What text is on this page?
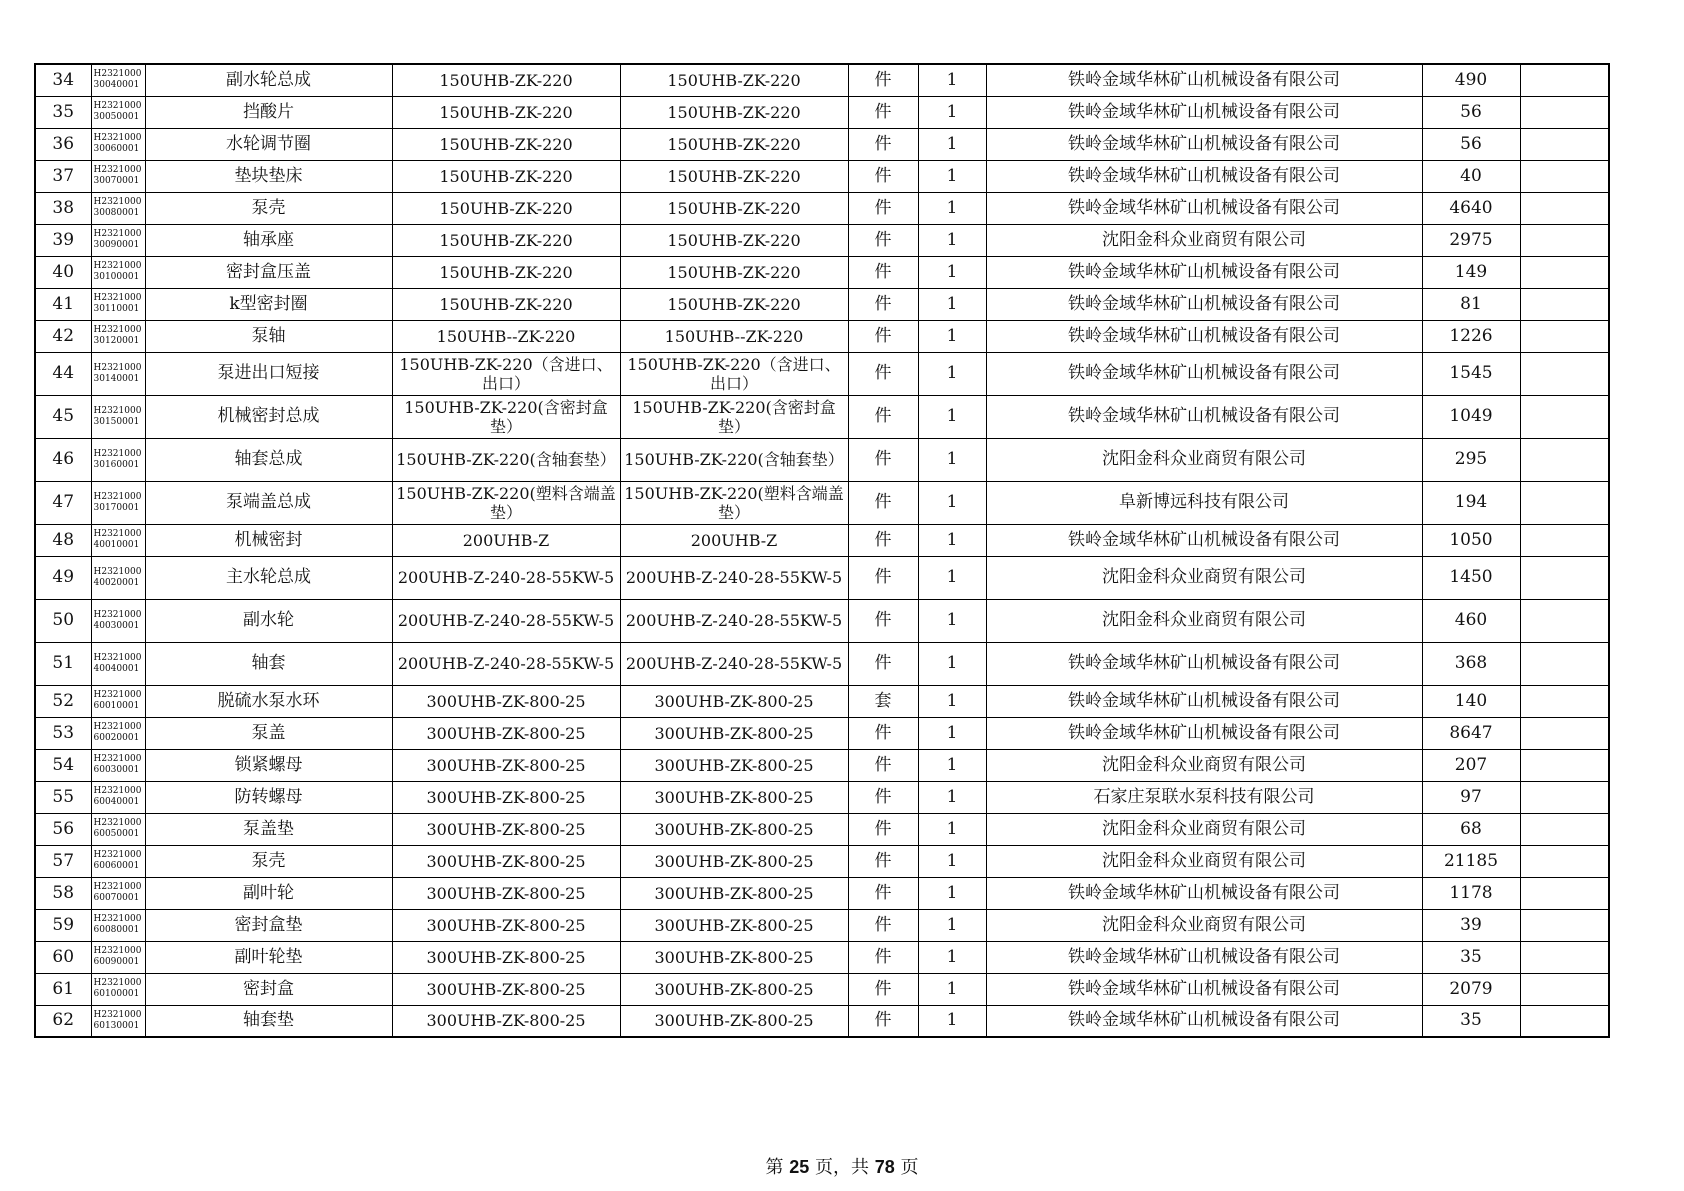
34	H2321000 30040001	副水轮总成	150UHB-ZK-220	150UHB-ZK-220	件	1	铁岭金域华林矿山机械设备有限公司	490	
35	H2321000 30050001	挡酸片	150UHB-ZK-220	150UHB-ZK-220	件	1	铁岭金域华林矿山机械设备有限公司	56	
36	H2321000 30060001	水轮调节圈	150UHB-ZK-220	150UHB-ZK-220	件	1	铁岭金域华林矿山机械设备有限公司	56	
37	H2321000 30070001	垫块垫床	150UHB-ZK-220	150UHB-ZK-220	件	1	铁岭金域华林矿山机械设备有限公司	40	
38	H2321000 30080001	泵壳	150UHB-ZK-220	150UHB-ZK-220	件	1	铁岭金域华林矿山机械设备有限公司	4640	
39	H2321000 30090001	轴承座	150UHB-ZK-220	150UHB-ZK-220	件	1	沈阳金科众业商贸有限公司	2975	
40	H2321000 30100001	密封盒压盖	150UHB-ZK-220	150UHB-ZK-220	件	1	铁岭金域华林矿山机械设备有限公司	149	
41	H2321000 30110001	k型密封圈	150UHB-ZK-220	150UHB-ZK-220	件	1	铁岭金域华林矿山机械设备有限公司	81	
42	H2321000 30120001	泵轴	150UHB--ZK-220	150UHB--ZK-220	件	1	铁岭金域华林矿山机械设备有限公司	1226	
44	H2321000 30140001	泵进出口短接	150UHB-ZK-220（含进口、出口）	150UHB-ZK-220（含进口、出口）	件	1	铁岭金域华林矿山机械设备有限公司	1545	
45	H2321000 30150001	机械密封总成	150UHB-ZK-220(含密封盒垫）	150UHB-ZK-220(含密封盒垫）	件	1	铁岭金域华林矿山机械设备有限公司	1049	
46	H2321000 30160001	轴套总成	150UHB-ZK-220(含轴套垫）	150UHB-ZK-220(含轴套垫）	件	1	沈阳金科众业商贸有限公司	295	
47	H2321000 30170001	泵端盖总成	150UHB-ZK-220(塑料含端盖垫）	150UHB-ZK-220(塑料含端盖垫）	件	1	阜新博远科技有限公司	194	
48	H2321000 40010001	机械密封	200UHB-Z	200UHB-Z	件	1	铁岭金域华林矿山机械设备有限公司	1050	
49	H2321000 40020001	主水轮总成	200UHB-Z-240-28-55KW-5	200UHB-Z-240-28-55KW-5	件	1	沈阳金科众业商贸有限公司	1450	
50	H2321000 40030001	副水轮	200UHB-Z-240-28-55KW-5	200UHB-Z-240-28-55KW-5	件	1	沈阳金科众业商贸有限公司	460	
51	H2321000 40040001	轴套	200UHB-Z-240-28-55KW-5	200UHB-Z-240-28-55KW-5	件	1	铁岭金域华林矿山机械设备有限公司	368	
52	H2321000 60010001	脱硫水泵水环	300UHB-ZK-800-25	300UHB-ZK-800-25	套	1	铁岭金域华林矿山机械设备有限公司	140	
53	H2321000 60020001	泵盖	300UHB-ZK-800-25	300UHB-ZK-800-25	件	1	铁岭金域华林矿山机械设备有限公司	8647	
54	H2321000 60030001	锁紧螺母	300UHB-ZK-800-25	300UHB-ZK-800-25	件	1	沈阳金科众业商贸有限公司	207	
55	H2321000 60040001	防转螺母	300UHB-ZK-800-25	300UHB-ZK-800-25	件	1	石家庄泵联水泵科技有限公司	97	
56	H2321000 60050001	泵盖垫	300UHB-ZK-800-25	300UHB-ZK-800-25	件	1	沈阳金科众业商贸有限公司	68	
57	H2321000 60060001	泵壳	300UHB-ZK-800-25	300UHB-ZK-800-25	件	1	沈阳金科众业商贸有限公司	21185	
58	H2321000 60070001	副叶轮	300UHB-ZK-800-25	300UHB-ZK-800-25	件	1	铁岭金域华林矿山机械设备有限公司	1178	
59	H2321000 60080001	密封盒垫	300UHB-ZK-800-25	300UHB-ZK-800-25	件	1	沈阳金科众业商贸有限公司	39	
60	H2321000 60090001	副叶轮垫	300UHB-ZK-800-25	300UHB-ZK-800-25	件	1	铁岭金域华林矿山机械设备有限公司	35	
61	H2321000 60100001	密封盒	300UHB-ZK-800-25	300UHB-ZK-800-25	件	1	铁岭金域华林矿山机械设备有限公司	2079	
62	H2321000 60130001	轴套垫	300UHB-ZK-800-25	300UHB-ZK-800-25	件	1	铁岭金域华林矿山机械设备有限公司	35	
第 25 页，共 78 页
